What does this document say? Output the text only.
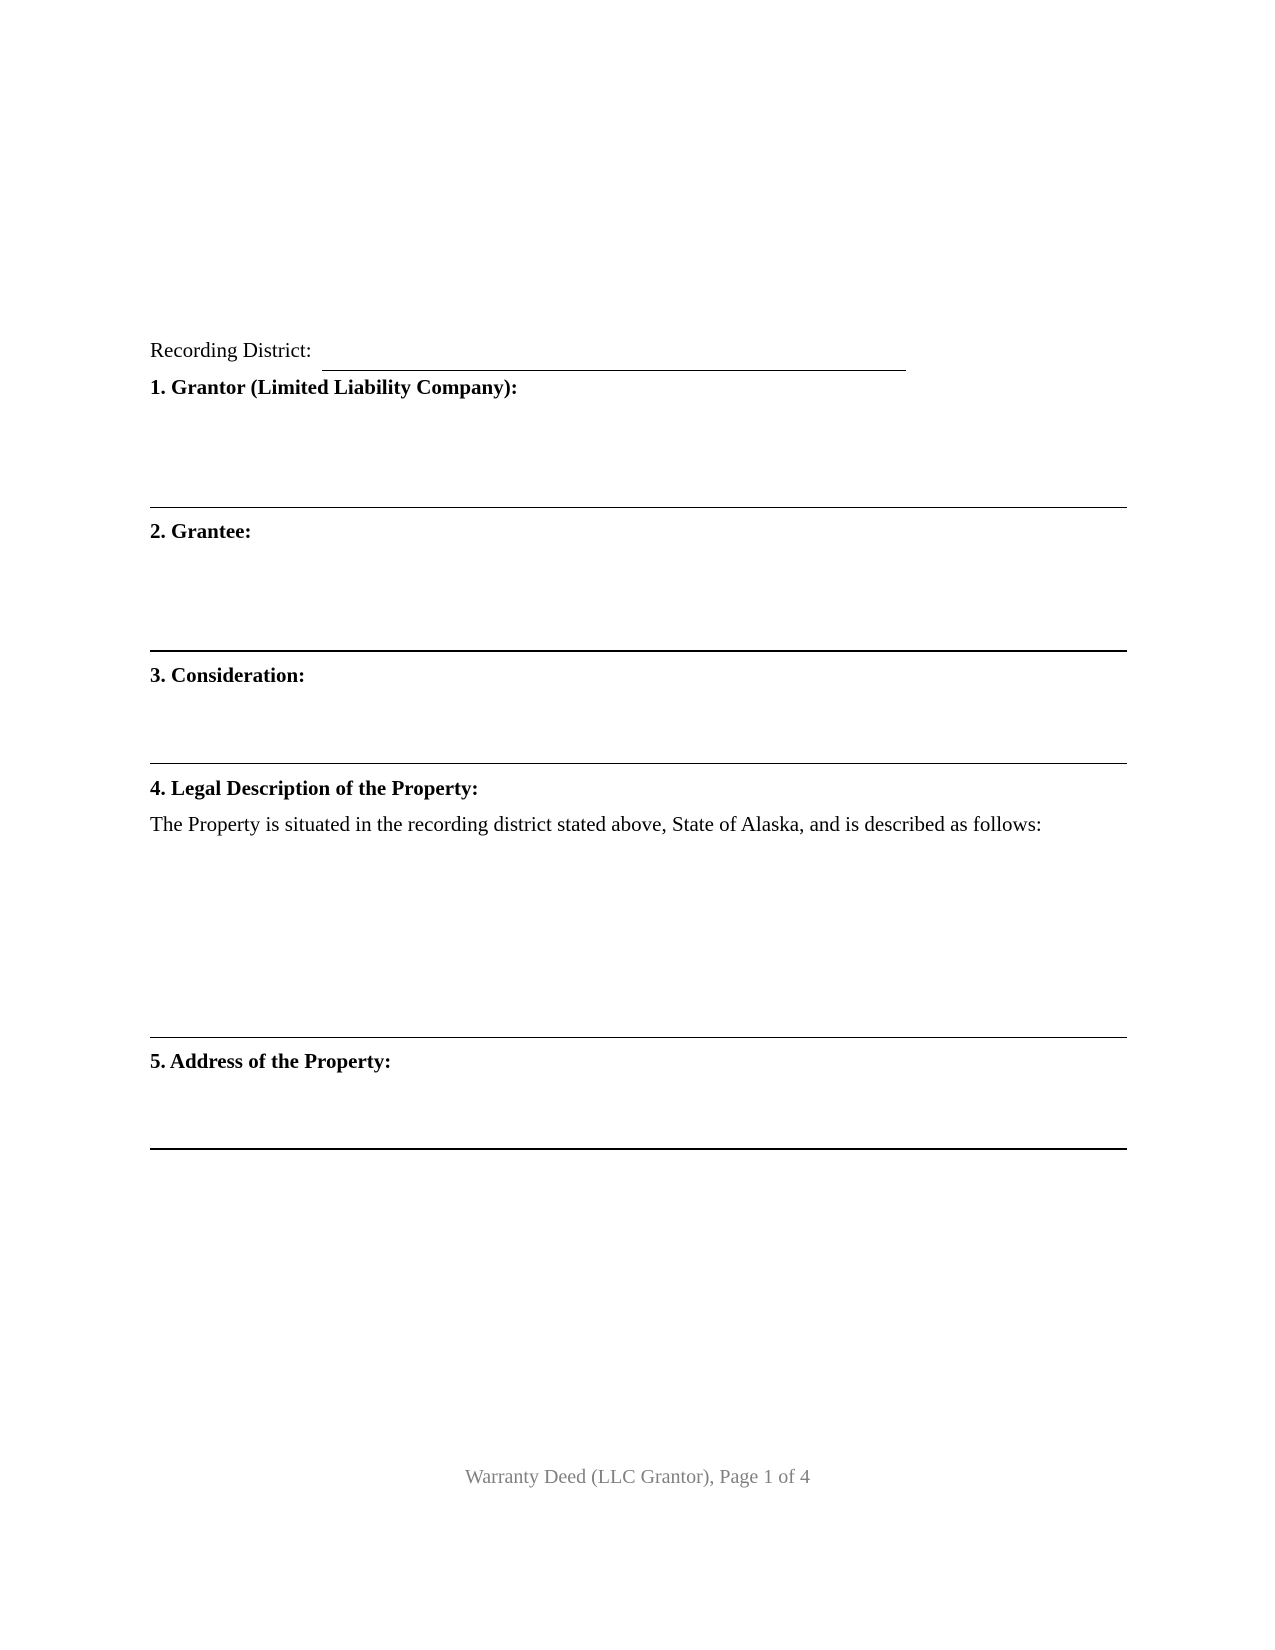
Recording District:
1. Grantor (Limited Liability Company):
2. Grantee:
3. Consideration:
4. Legal Description of the Property:
The Property is situated in the recording district stated above, State of Alaska, and is described as follows:
5. Address of the Property:
Warranty Deed (LLC Grantor), Page 1 of 4
